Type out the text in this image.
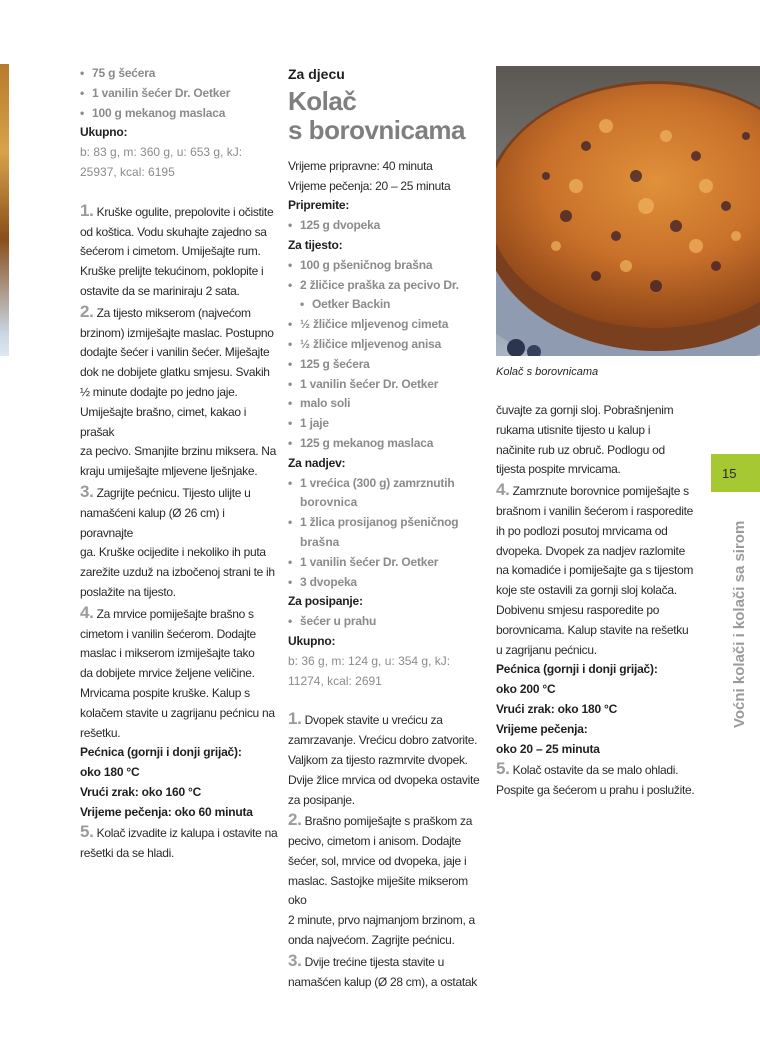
• 75 g šećera
• 1 vanilin šećer Dr. Oetker
• 100 g mekanog maslaca
Ukupno:
b: 83 g, m: 360 g, u: 653 g, kJ:
25937, kcal: 6195
1. Kruške ogulite, prepolovite i očistite
od koštica. Vodu skuhajte zajedno sa
šećerom i cimetom. Umiješajte rum.
Kruške prelijte tekućinom, poklopite i
ostavite da se mariniraju 2 sata.
2. Za tijesto mikserom (najvećom
brzinom) izmiješajte maslac. Postupno
dodajte šećer i vanilin šećer. Miješajte
dok ne dobijete glatku smjesu. Svakih
½ minute dodajte po jedno jaje.
Umiješajte brašno, cimet, kakao i prašak
za pecivo. Smanjite brzinu miksera. Na
kraju umiješajte mljevene lješnjake.
3. Zagrijte pećnicu. Tijesto ulijte u
namašćeni kalup (Ø 26 cm) i poravnajte
ga. Kruške ocijedite i nekoliko ih puta
zarežite uzduž na izbočenoj strani te ih
poslažite na tijesto.
4. Za mrvice pomiješajte brašno s
cimetom i vanilin šećerom. Dodajte
maslac i mikserom izmiješajte tako
da dobijete mrvice željene veličine.
Mrvicama pospite kruške. Kalup s
kolačem stavite u zagrijanu pećnicu na
rešetku.
Pećnica (gornji i donji grijač):
oko 180 °C
Vrući zrak: oko 160 °C
Vrijeme pečenja: oko 60 minuta
5. Kolač izvadite iz kalupa i ostavite na
rešetki da se hladi.
Za djecu
Kolač
s borovnicama
Vrijeme pripravne: 40 minuta
Vrijeme pečenja: 20 – 25 minuta
Pripremite:
• 125 g dvopeka
Za tijesto:
• 100 g pšeničnog brašna
• 2 žličice praška za pecivo Dr.
• Oetker Backin
• ½ žličice mljevenog cimeta
• ½ žličice mljevenog anisa
• 125 g šećera
• 1 vanilin šećer Dr. Oetker
• malo soli
• 1 jaje
• 125 g mekanog maslaca
Za nadjev:
• 1 vrećica (300 g) zamrznutih
borovnica
• 1 žlica prosijanog pšeničnog
brašna
• 1 vanilin šećer Dr. Oetker
• 3 dvopeka
Za posipanje:
• šećer u prahu
Ukupno:
b: 36 g, m: 124 g, u: 354 g, kJ:
11274, kcal: 2691
1. Dvopek stavite u vrećicu za
zamrzavanje. Vrećicu dobro zatvorite.
Valjkom za tijesto razmrvite dvopek.
Dvije žlice mrvica od dvopeka ostavite
za posipanje.
2. Brašno pomiješajte s praškom za
pecivo, cimetom i anisom. Dodajte
šećer, sol, mrvice od dvopeka, jaje i
maslac. Sastojke miješite mikserom oko
2 minute, prvo najmanjom brzinom, a
onda najvećom. Zagrijte pećnicu.
3. Dvije trećine tijesta stavite u
namašćen kalup (Ø 28 cm), a ostatak
Kolač s borovnicama
čuvajte za gornji sloj. Pobrašnjenim
rukama utisnite tijesto u kalup i
načinite rub uz obruč. Podlogu od
tijesta pospite mrvicama.
4. Zamrznute borovnice pomiješajte s
brašnom i vanilin šećerom i rasporedite
ih po podlozi posutoj mrvicama od
dvopeka. Dvopek za nadjev razlomite
na komadiće i pomiješajte ga s tijestom
koje ste ostavili za gornji sloj kolača.
Dobivenu smjesu rasporedite po
borovnicama. Kalup stavite na rešetku
u zagrijanu pećnicu.
Pećnica (gornji i donji grijač):
oko 200 °C
Vrući zrak: oko 180 °C
Vrijeme pečenja:
oko 20 – 25 minuta
5. Kolač ostavite da se malo ohladi.
Pospite ga šećerom u prahu i poslužite.
15
Voćni kolači i kolači sa sirom
